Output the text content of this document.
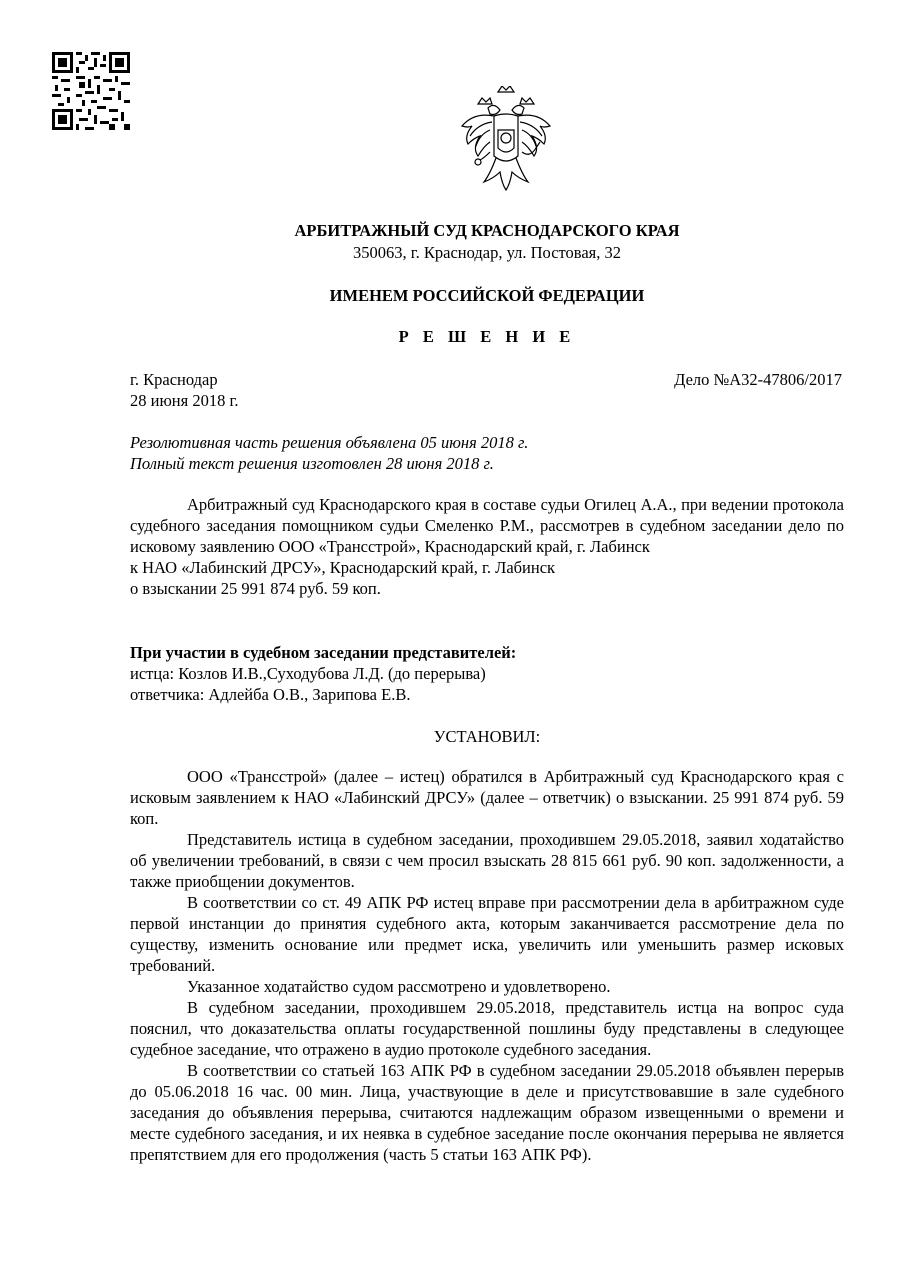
АРБИТРАЖНЫЙ СУД КРАСНОДАРСКОГО КРАЯ
350063, г. Краснодар, ул. Постовая, 32
ИМЕНЕМ РОССИЙСКОЙ ФЕДЕРАЦИИ
Р Е Ш Е Н И Е
г. Краснодар
28 июня 2018 г.
Дело №А32-47806/2017
Резолютивная часть решения объявлена 05 июня 2018 г.
Полный текст решения изготовлен 28 июня 2018 г.

Арбитражный суд Краснодарского края в составе судьи Огилец А.А., при ведении протокола судебного заседания помощником судьи Смеленко Р.М., рассмотрев в судебном заседании дело по исковому заявлению ООО «Трансстрой», Краснодарский край, г. Лабинск

к НАО «Лабинский ДРСУ», Краснодарский край, г. Лабинск

о взыскании 25 991 874 руб. 59 коп.

При участии в судебном заседании представителей:

истца: Козлов И.В.,Суходубова Л.Д. (до перерыва)

ответчика: Адлейба О.В., Зарипова Е.В.

УСТАНОВИЛ:

ООО «Трансстрой» (далее – истец) обратился в Арбитражный суд Краснодарского края с исковым заявлением к НАО «Лабинский ДРСУ» (далее – ответчик) о взыскании. 25 991 874 руб. 59 коп.

Представитель истица в судебном заседании, проходившем 29.05.2018, заявил ходатайство об увеличении требований, в связи с чем просил взыскать 28 815 661 руб. 90 коп. задолженности, а также приобщении документов.

В соответствии со ст. 49 АПК РФ истец вправе при рассмотрении дела в арбитражном суде первой инстанции до принятия судебного акта, которым заканчивается рассмотрение дела по существу, изменить основание или предмет иска, увеличить или уменьшить размер исковых требований.

Указанное ходатайство судом рассмотрено и удовлетворено.

В судебном заседании, проходившем 29.05.2018, представитель истца на вопрос суда пояснил, что доказательства оплаты государственной пошлины буду представлены в следующее судебное заседание, что отражено в аудио протоколе судебного заседания.

В соответствии со статьей 163 АПК РФ в судебном заседании 29.05.2018 объявлен перерыв до 05.06.2018 16 час. 00 мин. Лица, участвующие в деле и присутствовавшие в зале судебного заседания до объявления перерыва, считаются надлежащим образом извещенными о времени и месте судебного заседания, и их неявка в судебное заседание после окончания перерыва не является препятствием для его продолжения (часть 5 статьи 163 АПК РФ).
